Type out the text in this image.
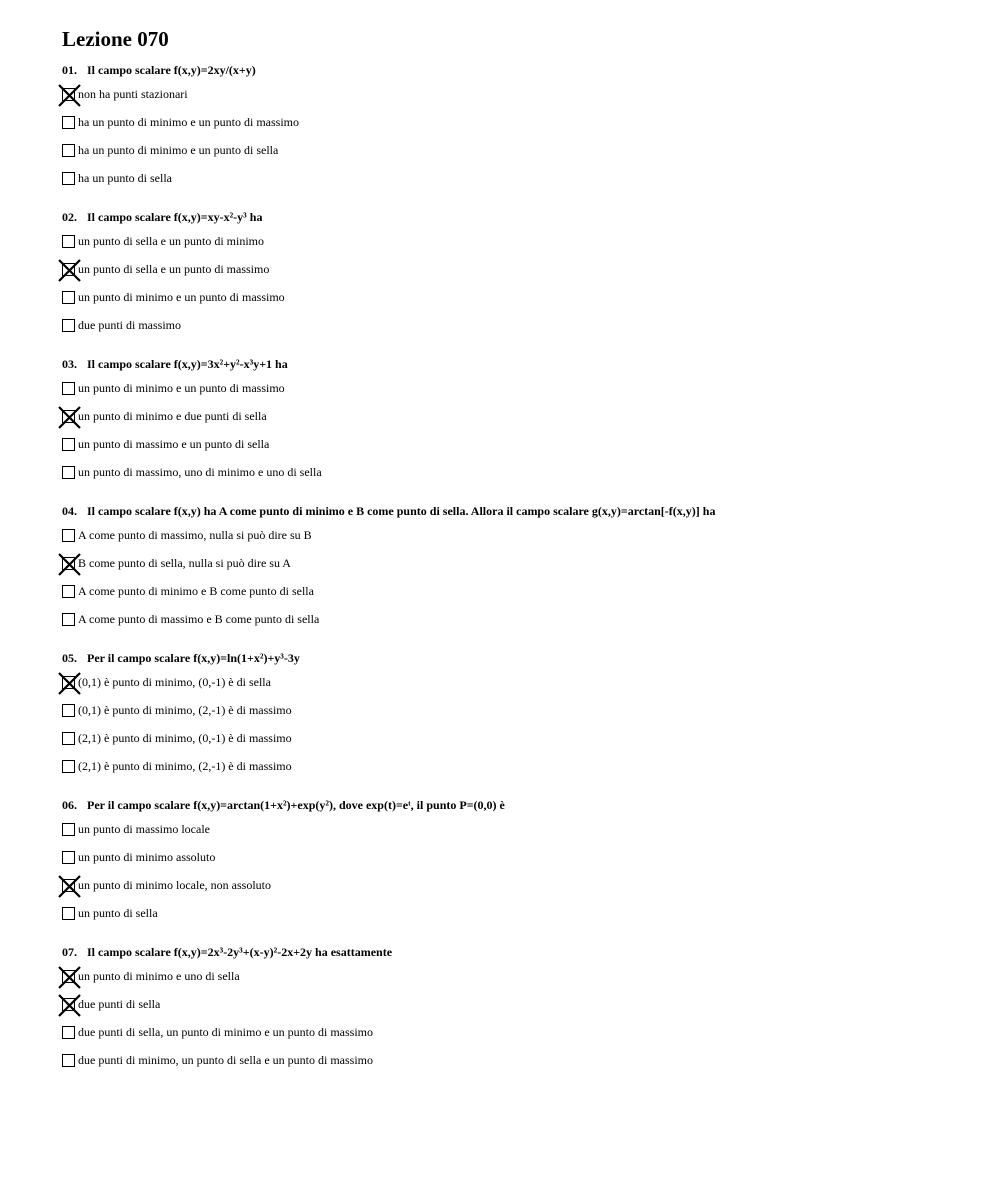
Lezione 070
01. Il campo scalare f(x,y)=2xy/(x+y)
non ha punti stazionari
ha un punto di minimo e un punto di massimo
ha un punto di minimo e un punto di sella
ha un punto di sella
02. Il campo scalare f(x,y)=xy-x²-y³ ha
un punto di sella e un punto di minimo
un punto di sella e un punto di massimo
un punto di minimo e un punto di massimo
due punti di massimo
03. Il campo scalare f(x,y)=3x²+y²-x³y+1 ha
un punto di minimo e un punto di massimo
un punto di minimo e due punti di sella
un punto di massimo e un punto di sella
un punto di massimo, uno di minimo e uno di sella
04. Il campo scalare f(x,y) ha A come punto di minimo e B come punto di sella. Allora il campo scalare g(x,y)=arctan[-f(x,y)] ha
A come punto di massimo, nulla si può dire su B
B come punto di sella, nulla si può dire su A
A come punto di minimo e B come punto di sella
A come punto di massimo e B come punto di sella
05. Per il campo scalare f(x,y)=ln(1+x²)+y³-3y
(0,1) è punto di minimo, (0,-1) è di sella
(0,1) è punto di minimo, (2,-1) è di massimo
(2,1) è punto di minimo, (0,-1) è di massimo
(2,1) è punto di minimo, (2,-1) è di massimo
06. Per il campo scalare f(x,y)=arctan(1+x²)+exp(y²), dove exp(t)=eᵗ, il punto P=(0,0) è
un punto di massimo locale
un punto di minimo assoluto
un punto di minimo locale, non assoluto
un punto di sella
07. Il campo scalare f(x,y)=2x³-2y³+(x-y)²-2x+2y ha esattamente
un punto di minimo e uno di sella
due punti di sella
due punti di sella, un punto di minimo e un punto di massimo
due punti di minimo, un punto di sella e un punto di massimo
